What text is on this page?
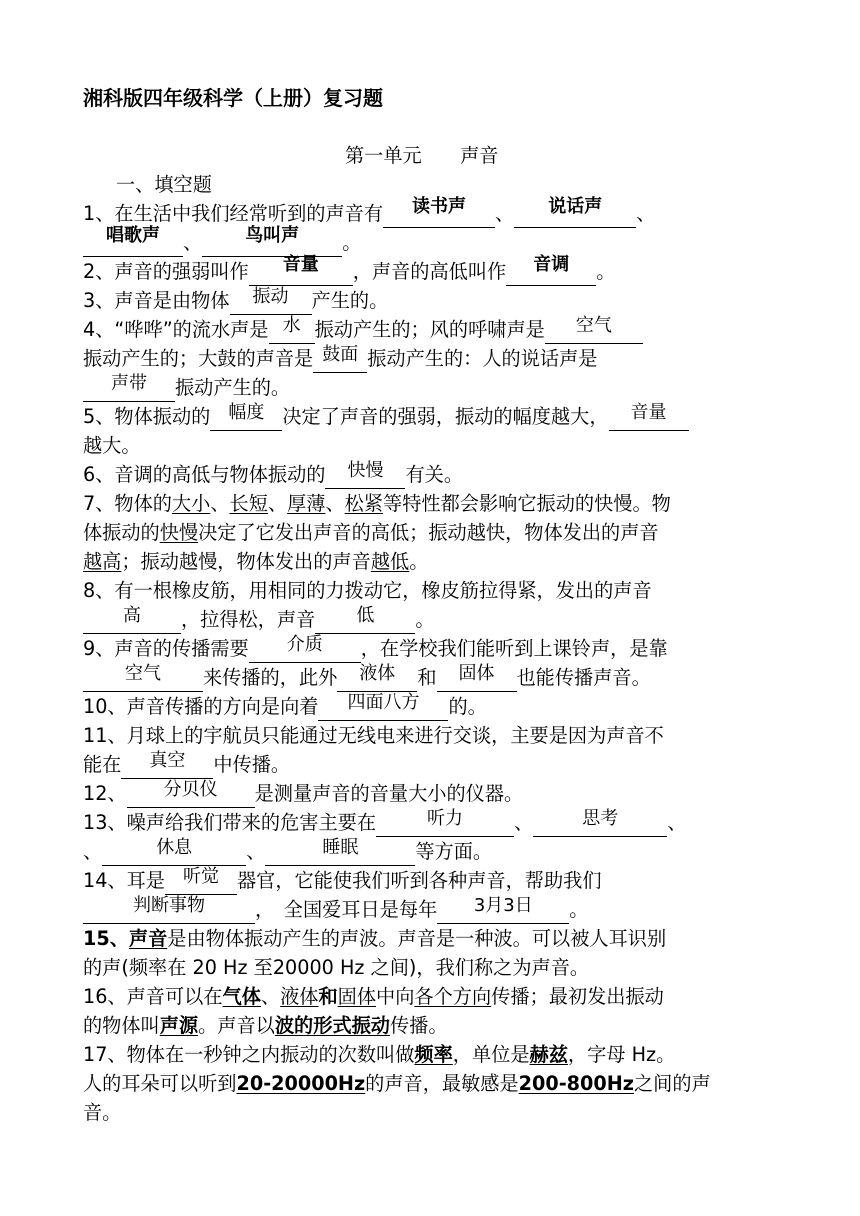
湘科版四年级科学（上册）复习题
第一单元　　声音
一、填空题
1、在生活中我们经常听到的声音有 读书声 、 说话声 、
唱歌声 、 鸟叫声 。
2、声音的强弱叫作 音量 ，声音的高低叫作 音调 。
3、声音是由物体 振动 产生的。
4、“哗哗”的流水声是 水 振动产生的；风的呼啸声是 空气
振动产生的；大鼓的声音是 鼓面 振动产生的：人的说话声是
声带 振动产生的。
5、物体振动的 幅度 决定了声音的强弱，振动的幅度越大， 音量
越大。
6、音调的高低与物体振动的 快慢 有关。
7、物体的大小、长短、厚薄、松紧等特性都会影响它振动的快慢。物
体振动的快慢决定了它发出声音的高低；振动越快，物体发出的声音
越高；振动越慢，物体发出的声音越低。
8、有一根橡皮筋，用相同的力拨动它，橡皮筋拉得紧，发出的声音
高 ，拉得松，声音 低 。
9、声音的传播需要 介质 ，在学校我们能听到上课铃声，是靠
空气 来传播的，此外 液体 和 固体 也能传播声音。
10、声音传播的方向是向着 四面八方 的。
11、月球上的宇航员只能通过无线电来进行交谈，主要是因为声音不
能在 真空 中传播。
12、 分贝仪 是测量声音的音量大小的仪器。
13、噪声给我们带来的危害主要在	听力	、	思考	、
、	休息	、	睡眠	等方面。
14、耳是 听觉 器官，它能使我们听到各种声音，帮助我们
判断事物	，　全国爱耳日是每年 3月3日 。
15、声音是由物体振动产生的声波。声音是一种波。可以被人耳识别
的声(频率在 20 Hz 至20000 Hz 之间)，我们称之为声音。
16、声音可以在气体、液体和固体中向各个方向传播；最初发出振动
的物体叫声源。声音以波的形式振动传播。
17、物体在一秒钟之内振动的次数叫做频率，单位是赫兹，字母 Hz。
人的耳朵可以听到20-20000Hz的声音，最敏感是200-800Hz之间的声
音。
